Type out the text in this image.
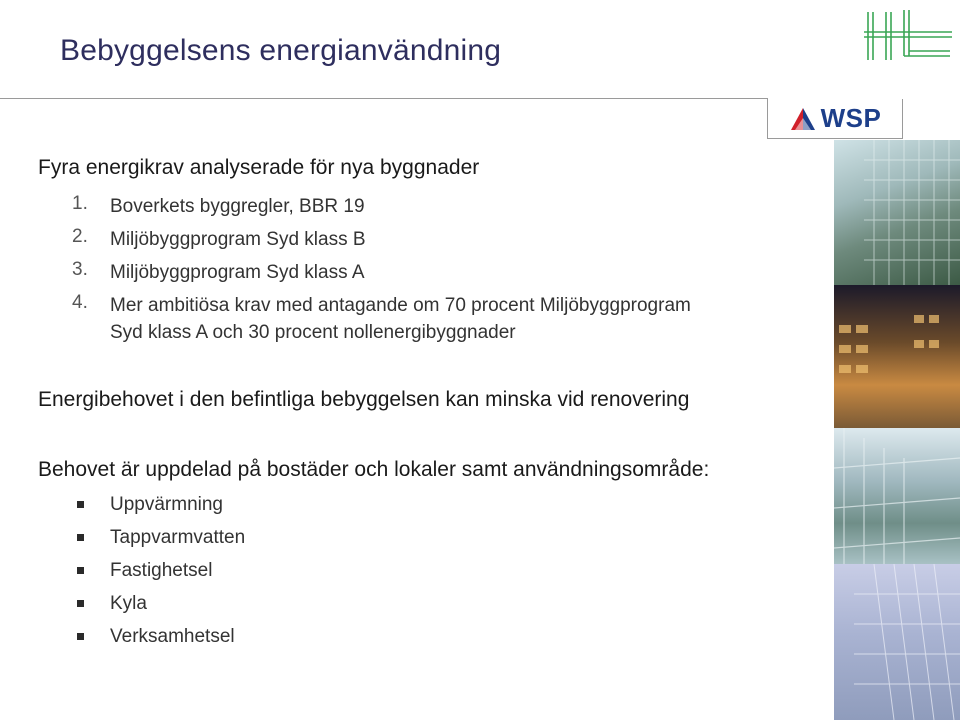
Bebyggelsens energianvändning
WSP
Fyra energikrav analyserade för nya byggnader
1. Boverkets byggregler, BBR 19
2. Miljöbyggprogram Syd klass B
3. Miljöbyggprogram Syd klass A
4. Mer ambitiösa krav med antagande om 70 procent Miljöbyggprogram
Syd klass A och 30 procent nollenergibyggnader
Energibehovet i den befintliga bebyggelsen kan minska vid renovering
Behovet är uppdelad på bostäder och lokaler samt användningsområde:
Uppvärmning
Tappvarmvatten
Fastighetsel
Kyla
Verksamhetsel
